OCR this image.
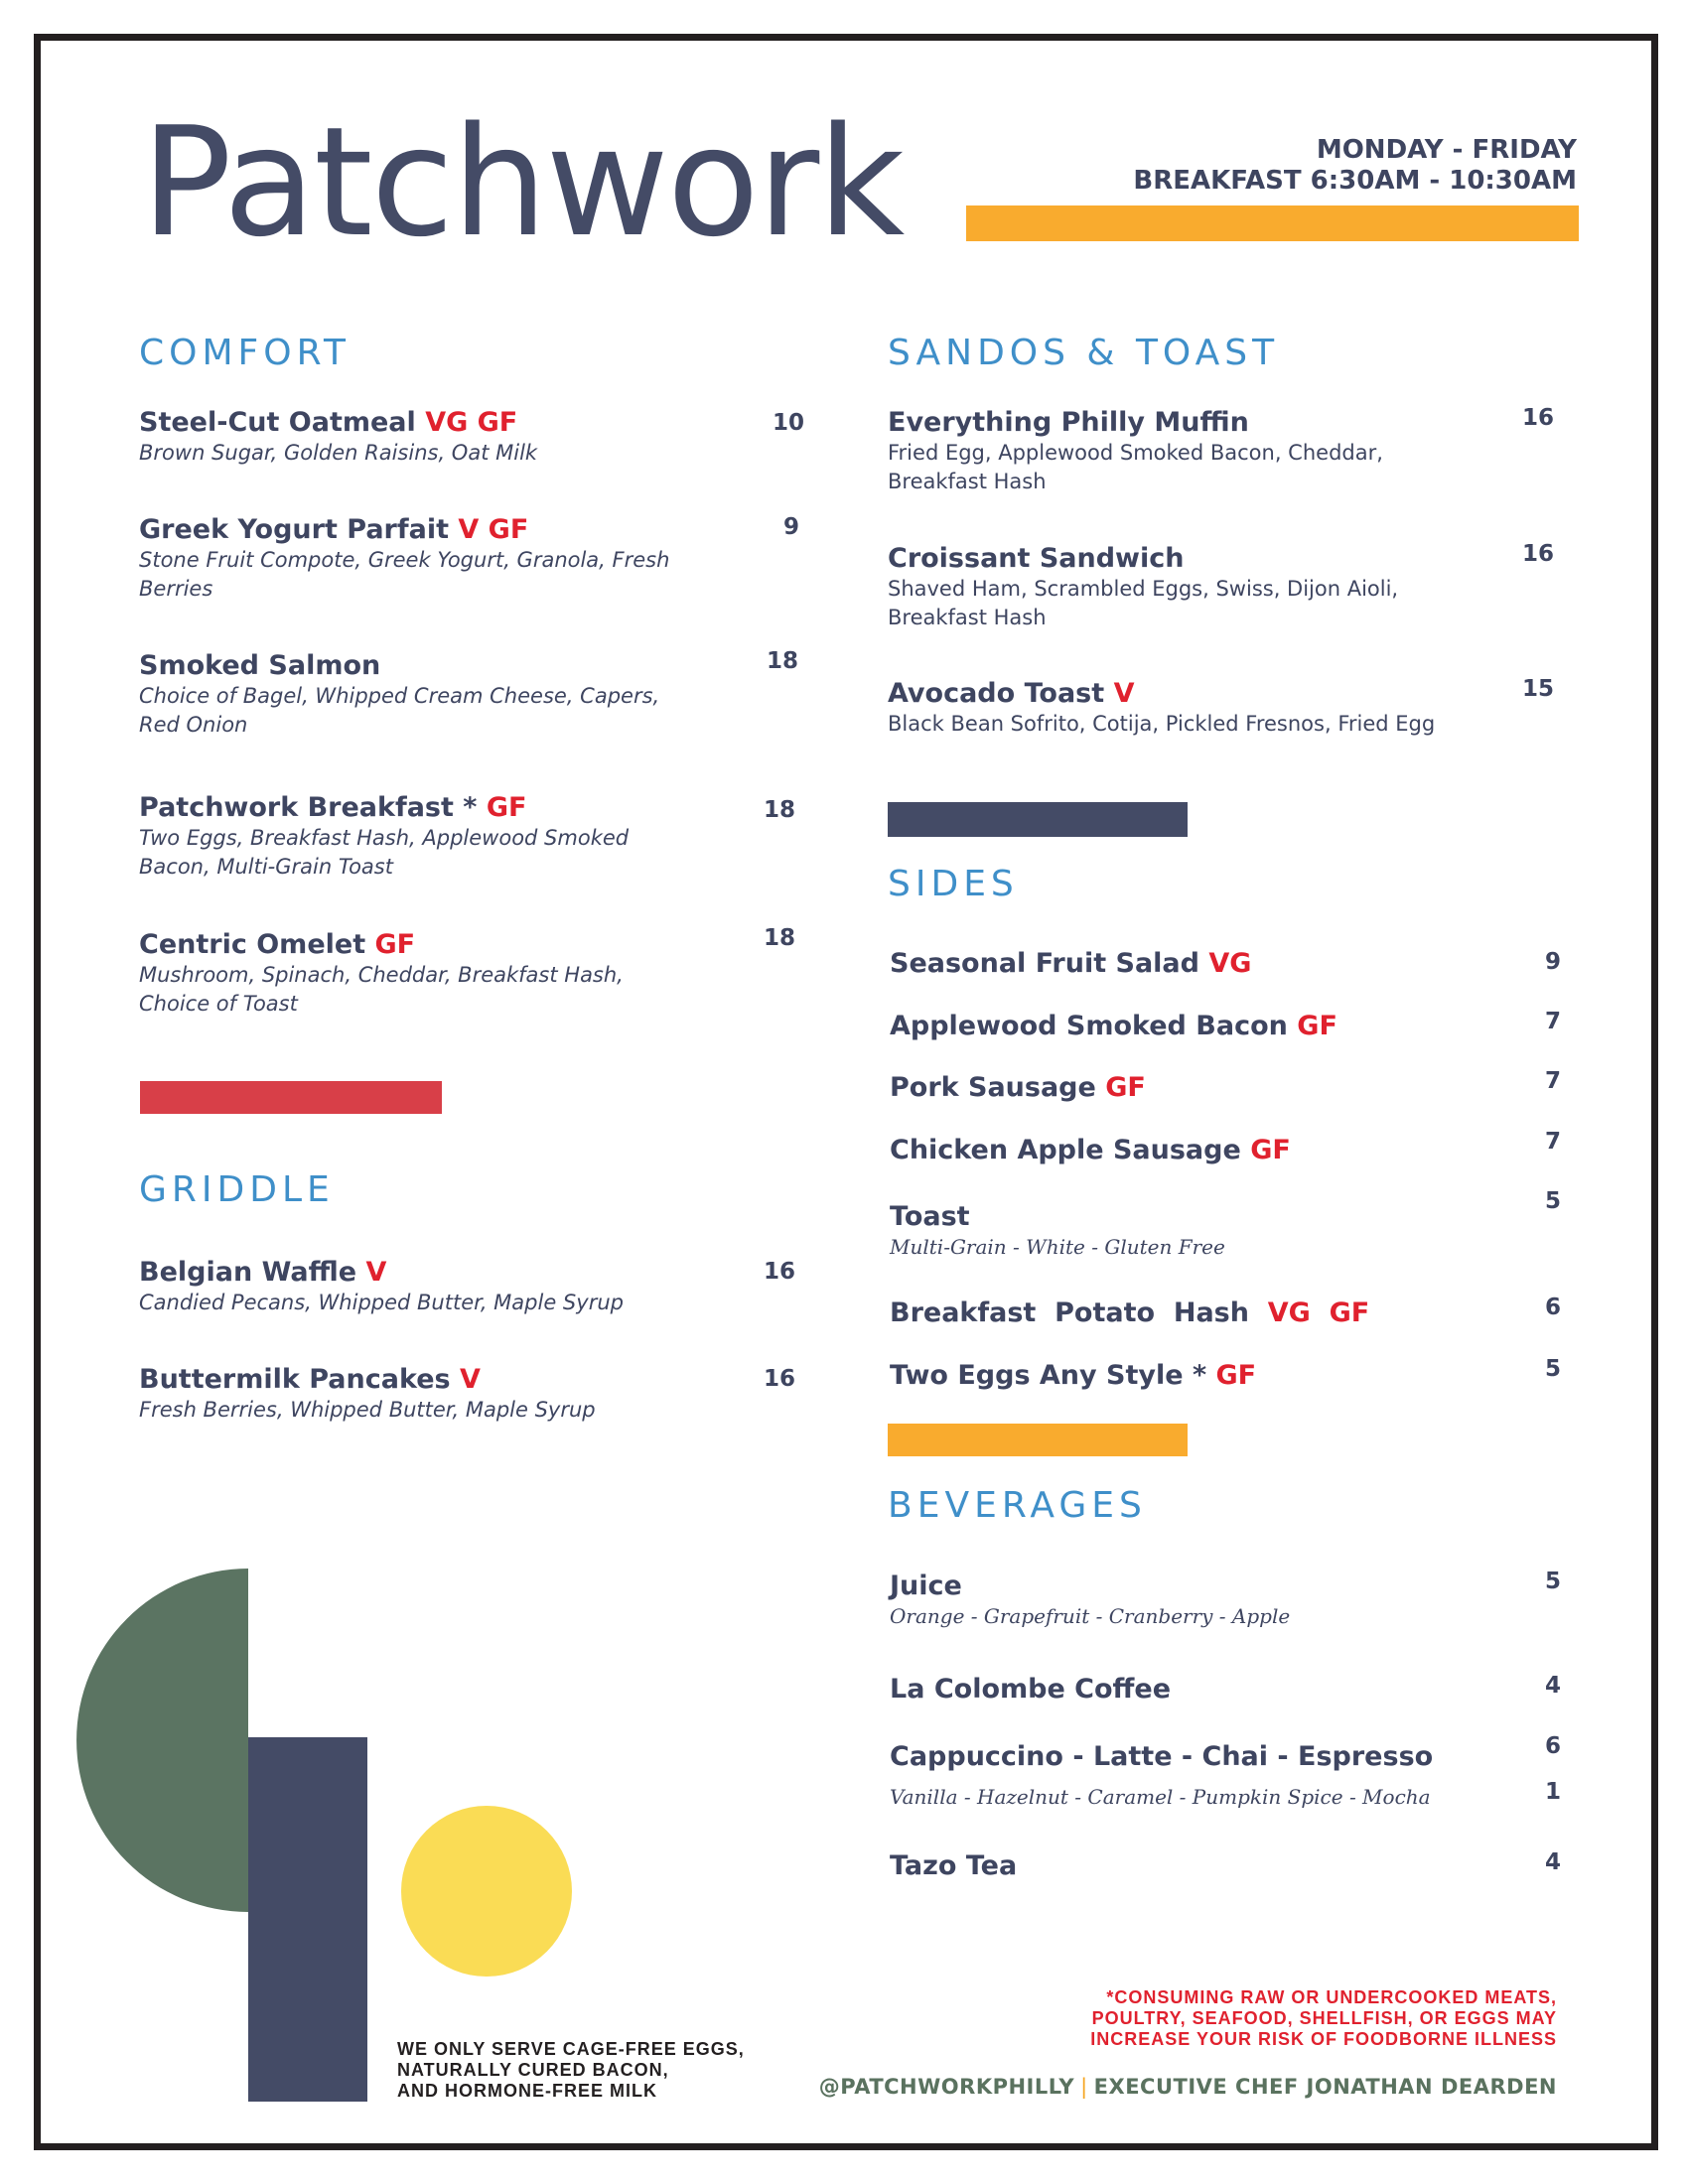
Patchwork	MONDAY - FRIDAY
BREAKFAST 6:30AM - 10:30AM
COMFORT
Steel-Cut Oatmeal VG GF
Brown Sugar, Golden Raisins, Oat Milk
10
Greek Yogurt Parfait V GF
Stone Fruit Compote, Greek Yogurt, Granola, Fresh Berries
9
Smoked Salmon
Choice of Bagel, Whipped Cream Cheese, Capers, Red Onion
18
Patchwork Breakfast * GF
Two Eggs, Breakfast Hash, Applewood Smoked Bacon, Multi-Grain Toast
18
Centric Omelet GF
Mushroom, Spinach, Cheddar, Breakfast Hash, Choice of Toast
18
GRIDDLE
Belgian Waffle V
Candied Pecans, Whipped Butter, Maple Syrup
16
Buttermilk Pancakes V
Fresh Berries, Whipped Butter, Maple Syrup
16
SANDOS & TOAST
Everything Philly Muffin
Fried Egg, Applewood Smoked Bacon, Cheddar, Breakfast Hash
16
Croissant Sandwich
Shaved Ham, Scrambled Eggs, Swiss, Dijon Aioli, Breakfast Hash
16
Avocado Toast V
Black Bean Sofrito, Cotija, Pickled Fresnos, Fried Egg
15
SIDES
Seasonal Fruit Salad VG	9
Applewood Smoked Bacon GF	7
Pork Sausage GF	7
Chicken Apple Sausage GF	7
Toast
Multi-Grain - White - Gluten Free
5
Breakfast  Potato  Hash VG  GF	6
Two Eggs Any Style * GF	5
BEVERAGES
Juice
Orange - Grapefruit - Cranberry - Apple
5
La Colombe Coffee	4
Cappuccino - Latte - Chai - Espresso	6
Vanilla - Hazelnut - Caramel - Pumpkin Spice - Mocha	1
Tazo Tea	4
WE ONLY SERVE CAGE-FREE EGGS,
NATURALLY CURED BACON,
AND HORMONE-FREE MILK
*CONSUMING RAW OR UNDERCOOKED MEATS,
POULTRY, SEAFOOD, SHELLFISH, OR EGGS MAY
INCREASE YOUR RISK OF FOODBORNE ILLNESS
@PATCHWORKPHILLY | EXECUTIVE CHEF JONATHAN DEARDEN
